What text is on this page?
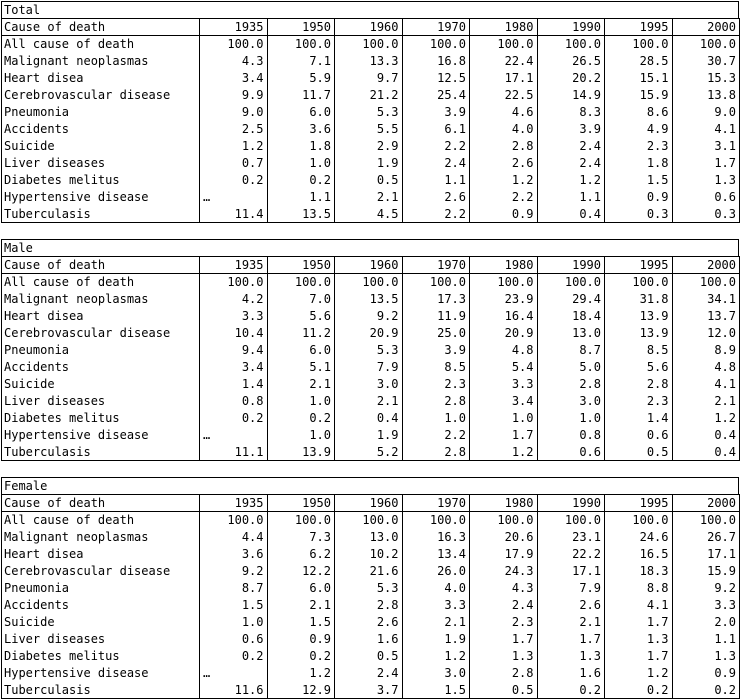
Total
Cause of death	1935	1950	1960	1970	1980	1990	1995	2000
All cause of death	100.0	100.0	100.0	100.0	100.0	100.0	100.0	100.0
Malignant neoplasmas	4.3	7.1	13.3	16.8	22.4	26.5	28.5	30.7
Heart disea	3.4	5.9	9.7	12.5	17.1	20.2	15.1	15.3
Cerebrovascular disease	9.9	11.7	21.2	25.4	22.5	14.9	15.9	13.8
Pneumonia	9.0	6.0	5.3	3.9	4.6	8.3	8.6	9.0
Accidents	2.5	3.6	5.5	6.1	4.0	3.9	4.9	4.1
Suicide	1.2	1.8	2.9	2.2	2.8	2.4	2.3	3.1
Liver diseases	0.7	1.0	1.9	2.4	2.6	2.4	1.8	1.7
Diabetes melitus	0.2	0.2	0.5	1.1	1.2	1.2	1.5	1.3
Hypertensive disease	…	1.1	2.1	2.6	2.2	1.1	0.9	0.6
Tuberculasis	11.4	13.5	4.5	2.2	0.9	0.4	0.3	0.3
Male
Cause of death	1935	1950	1960	1970	1980	1990	1995	2000
All cause of death	100.0	100.0	100.0	100.0	100.0	100.0	100.0	100.0
Malignant neoplasmas	4.2	7.0	13.5	17.3	23.9	29.4	31.8	34.1
Heart disea	3.3	5.6	9.2	11.9	16.4	18.4	13.9	13.7
Cerebrovascular disease	10.4	11.2	20.9	25.0	20.9	13.0	13.9	12.0
Pneumonia	9.4	6.0	5.3	3.9	4.8	8.7	8.5	8.9
Accidents	3.4	5.1	7.9	8.5	5.4	5.0	5.6	4.8
Suicide	1.4	2.1	3.0	2.3	3.3	2.8	2.8	4.1
Liver diseases	0.8	1.0	2.1	2.8	3.4	3.0	2.3	2.1
Diabetes melitus	0.2	0.2	0.4	1.0	1.0	1.0	1.4	1.2
Hypertensive disease	…	1.0	1.9	2.2	1.7	0.8	0.6	0.4
Tuberculasis	11.1	13.9	5.2	2.8	1.2	0.6	0.5	0.4
Female
Cause of death	1935	1950	1960	1970	1980	1990	1995	2000
All cause of death	100.0	100.0	100.0	100.0	100.0	100.0	100.0	100.0
Malignant neoplasmas	4.4	7.3	13.0	16.3	20.6	23.1	24.6	26.7
Heart disea	3.6	6.2	10.2	13.4	17.9	22.2	16.5	17.1
Cerebrovascular disease	9.2	12.2	21.6	26.0	24.3	17.1	18.3	15.9
Pneumonia	8.7	6.0	5.3	4.0	4.3	7.9	8.8	9.2
Accidents	1.5	2.1	2.8	3.3	2.4	2.6	4.1	3.3
Suicide	1.0	1.5	2.6	2.1	2.3	2.1	1.7	2.0
Liver diseases	0.6	0.9	1.6	1.9	1.7	1.7	1.3	1.1
Diabetes melitus	0.2	0.2	0.5	1.2	1.3	1.3	1.7	1.3
Hypertensive disease	…	1.2	2.4	3.0	2.8	1.6	1.2	0.9
Tuberculasis	11.6	12.9	3.7	1.5	0.5	0.2	0.2	0.2
